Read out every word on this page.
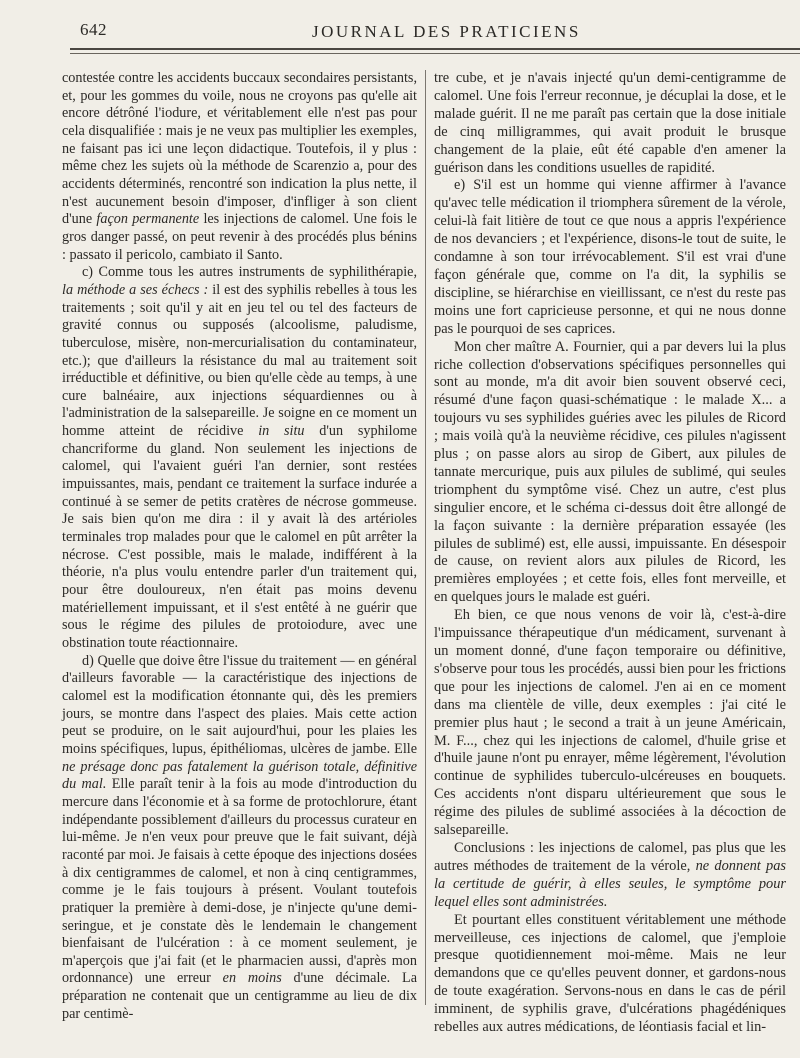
642	JOURNAL DES PRATICIENS

contestée contre les accidents buccaux secondaires persistants, et, pour les gommes du voile, nous ne croyons pas qu'elle ait encore détrôné l'iodure, et véritablement elle n'est pas pour cela disqualifiée : mais je ne veux pas multiplier les exemples, ne faisant pas ici une leçon didactique. Toutefois, il y plus : même chez les sujets où la méthode de Scarenzio a, pour des accidents déterminés, rencontré son indication la plus nette, il n'est aucunement besoin d'imposer, d'infliger à son client d'une façon permanente les injections de calomel. Une fois le gros danger passé, on peut revenir à des procédés plus bénins : passato il pericolo, cambiato il Santo.

c) Comme tous les autres instruments de syphilithérapie, la méthode a ses échecs : il est des syphilis rebelles à tous les traitements ; soit qu'il y ait en jeu tel ou tel des facteurs de gravité connus ou supposés (alcoolisme, paludisme, tuberculose, misère, non-mercurialisation du contaminateur, etc.); que d'ailleurs la résistance du mal au traitement soit irréductible et définitive, ou bien qu'elle cède au temps, à une cure balnéaire, aux injections séquardiennes ou à l'administration de la salsepareille. Je soigne en ce moment un homme atteint de récidive in situ d'un syphilome chancriforme du gland. Non seulement les injections de calomel, qui l'avaient guéri l'an dernier, sont restées impuissantes, mais, pendant ce traitement la surface indurée a continué à se semer de petits cratères de nécrose gommeuse. Je sais bien qu'on me dira : il y avait là des artérioles terminales trop malades pour que le calomel en pût arrêter la nécrose. C'est possible, mais le malade, indifférent à la théorie, n'a plus voulu entendre parler d'un traitement qui, pour être douloureux, n'en était pas moins devenu matériellement impuissant, et il s'est entêté à ne guérir que sous le régime des pilules de protoiodure, avec une obstination toute réactionnaire.

d) Quelle que doive être l'issue du traitement — en général d'ailleurs favorable — la caractéristique des injections de calomel est la modification étonnante qui, dès les premiers jours, se montre dans l'aspect des plaies. Mais cette action peut se produire, on le sait aujourd'hui, pour les plaies les moins spécifiques, lupus, épithéliomas, ulcères de jambe. Elle ne présage donc pas fatalement la guérison totale, définitive du mal. Elle paraît tenir à la fois au mode d'introduction du mercure dans l'économie et à sa forme de protochlorure, étant indépendante possiblement d'ailleurs du processus curateur en lui-même. Je n'en veux pour preuve que le fait suivant, déjà raconté par moi. Je faisais à cette époque des injections dosées à dix centigrammes de calomel, et non à cinq centigrammes, comme je le fais toujours à présent. Voulant toutefois pratiquer la première à demi-dose, je n'injecte qu'une demi-seringue, et je constate dès le lendemain le changement bienfaisant de l'ulcération : à ce moment seulement, je m'aperçois que j'ai fait (et le pharmacien aussi, d'après mon ordonnance) une erreur en moins d'une décimale. La préparation ne contenait que un centigramme au lieu de dix par centimè-

tre cube, et je n'avais injecté qu'un demi-centigramme de calomel. Une fois l'erreur reconnue, je décuplai la dose, et le malade guérit. Il ne me paraît pas certain que la dose initiale de cinq milligrammes, qui avait produit le brusque changement de la plaie, eût été capable d'en amener la guérison dans les conditions usuelles de rapidité.

e) S'il est un homme qui vienne affirmer à l'avance qu'avec telle médication il triomphera sûrement de la vérole, celui-là fait litière de tout ce que nous a appris l'expérience de nos devanciers ; et l'expérience, disons-le tout de suite, le condamne à son tour irrévocablement. S'il est vrai d'une façon générale que, comme on l'a dit, la syphilis se discipline, se hiérarchise en vieillissant, ce n'est du reste pas moins une fort capricieuse personne, et qui ne nous donne pas le pourquoi de ses caprices.

Mon cher maître A. Fournier, qui a par devers lui la plus riche collection d'observations spécifiques personnelles qui sont au monde, m'a dit avoir bien souvent observé ceci, résumé d'une façon quasi-schématique : le malade X... a toujours vu ses syphilides guéries avec les pilules de Ricord ; mais voilà qu'à la neuvième récidive, ces pilules n'agissent plus ; on passe alors au sirop de Gibert, aux pilules de tannate mercurique, puis aux pilules de sublimé, qui seules triomphent du symptôme visé. Chez un autre, c'est plus singulier encore, et le schéma ci-dessus doit être allongé de la façon suivante : la dernière préparation essayée (les pilules de sublimé) est, elle aussi, impuissante. En désespoir de cause, on revient alors aux pilules de Ricord, les premières employées ; et cette fois, elles font merveille, et en quelques jours le malade est guéri.

Eh bien, ce que nous venons de voir là, c'est-à-dire l'impuissance thérapeutique d'un médicament, survenant à un moment donné, d'une façon temporaire ou définitive, s'observe pour tous les procédés, aussi bien pour les frictions que pour les injections de calomel. J'en ai en ce moment dans ma clientèle de ville, deux exemples : j'ai cité le premier plus haut ; le second a trait à un jeune Américain, M. F..., chez qui les injections de calomel, d'huile grise et d'huile jaune n'ont pu enrayer, même légèrement, l'évolution continue de syphilides tuberculo-ulcéreuses en bouquets. Ces accidents n'ont disparu ultérieurement que sous le régime des pilules de sublimé associées à la décoction de salsepareille.

Conclusions : les injections de calomel, pas plus que les autres méthodes de traitement de la vérole, ne donnent pas la certitude de guérir, à elles seules, le symptôme pour lequel elles sont administrées.

Et pourtant elles constituent véritablement une méthode merveilleuse, ces injections de calomel, que j'emploie presque quotidiennement moi-même. Mais ne leur demandons que ce qu'elles peuvent donner, et gardons-nous de toute exagération. Servons-nous en dans le cas de péril imminent, de syphilis grave, d'ulcérations phagédéniques rebelles aux autres médications, de léontiasis facial et lin-
